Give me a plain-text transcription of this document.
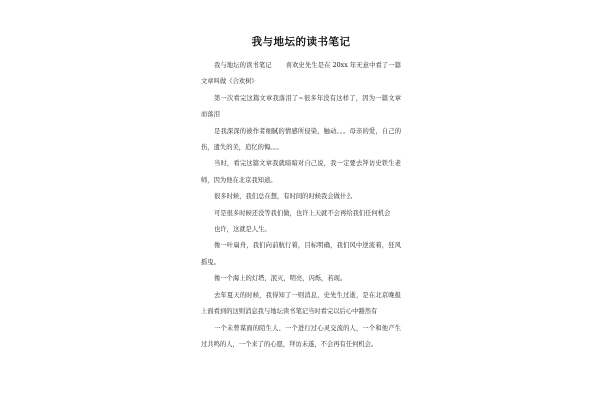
我与地坛的读书笔记

我与地坛的读书笔记 喜欢史先生是在 20xx 年无意中看了一篇文章叫做《合欢树》

第一次看完这篇文章我落泪了~很多年没有这样了，因为一篇文章而落泪

是我深深的被作者细腻的情感所侵染，触动。。。母亲的爱，自己的伤，遗失的美，追忆的悔。。。

当时，看完这篇文章我就暗暗对自己说，我一定要去拜访史铁生老师，因为他在北京我知道。

很多时候，我们总在想，有时间的时候我会做什么

可是很多时候还没等我们做，也许上天就不会再给我们任何机会

也许，这就是人生。

像一叶扁舟，我们向前航行着，目标明确，我们风中逆流着，狂风摇曳。

像一个海上的灯塔，泯灭，明亮，闪烁，若现。

去年夏天的时候，我得知了一则消息，史先生过逝，是在北京晚报上面看到的这则消息我与地坛读书笔记当时看完以后心中豁然有

一个未曾谋面的陌生人、一个进行过心灵交流的人，一个和他产生过共鸣的人，一个来了的心愿，拜访未遂，不会再有任何机会。
